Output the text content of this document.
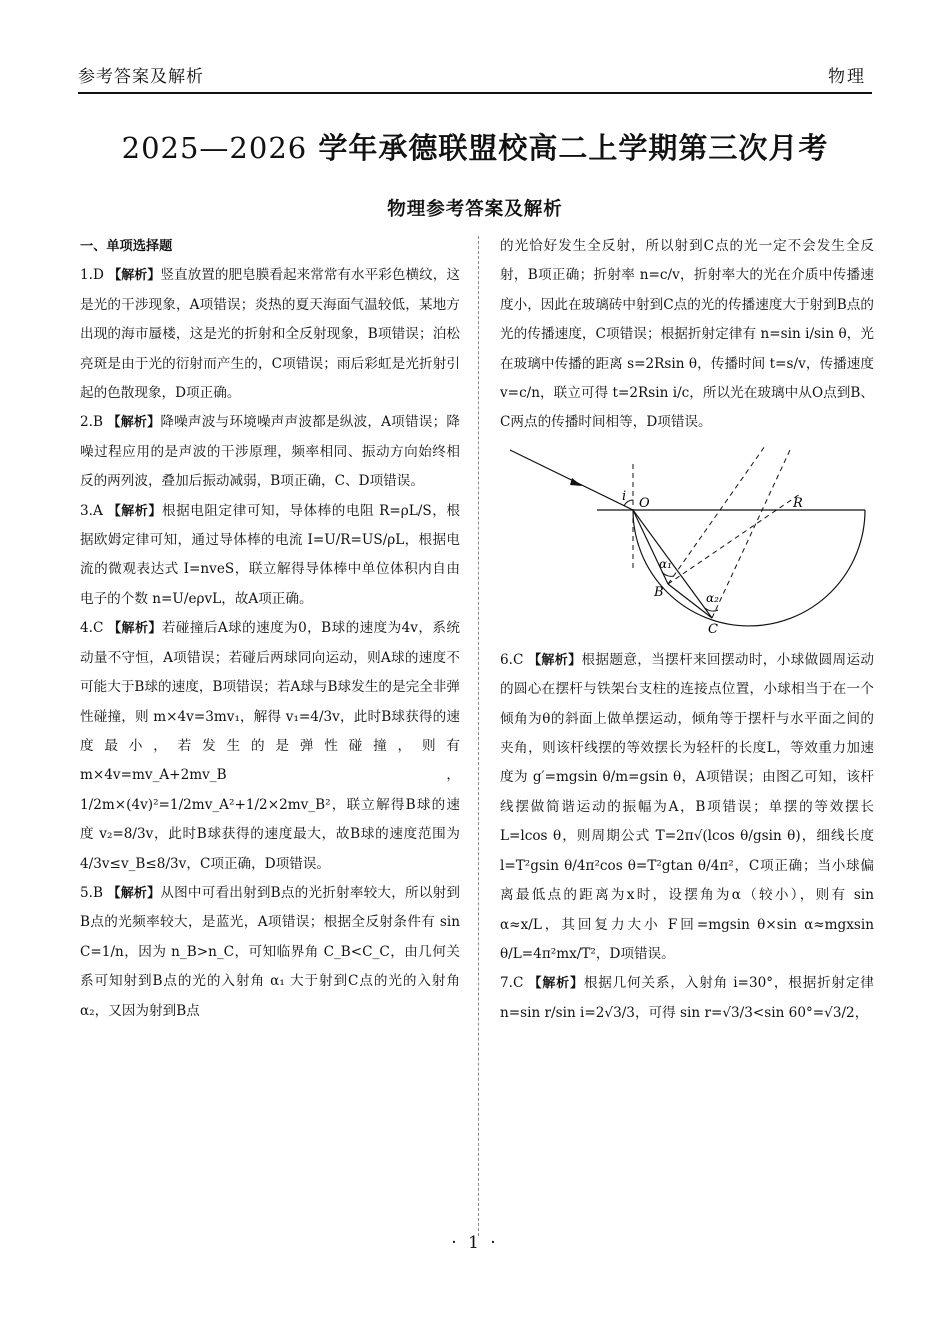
参考答案及解析	物理
2025—2026 学年承德联盟校高二上学期第三次月考
物理参考答案及解析

一、单项选择题

1.D 【解析】竖直放置的肥皂膜看起来常常有水平彩色横纹，这是光的干涉现象，A项错误；炎热的夏天海面气温较低，某地方出现的海市蜃楼，这是光的折射和全反射现象，B项错误；泊松亮斑是由于光的衍射而产生的，C项错误；雨后彩虹是光折射引起的色散现象，D项正确。

2.B 【解析】降噪声波与环境噪声声波都是纵波，A项错误；降噪过程应用的是声波的干涉原理，频率相同、振动方向始终相反的两列波，叠加后振动减弱，B项正确，C、D项错误。

3.A 【解析】根据电阻定律可知，导体棒的电阻 R=ρL/S，根据欧姆定律可知，通过导体棒的电流 I=U/R=US/ρL，根据电流的微观表达式 I=nveS，联立解得导体棒中单位体积内自由电子的个数 n=U/eρvL，故A项正确。

4.C 【解析】若碰撞后A球的速度为0，B球的速度为4v，系统动量不守恒，A项错误；若碰后两球同向运动，则A球的速度不可能大于B球的速度，B项错误；若A球与B球发生的是完全非弹性碰撞，则 m×4v=3mv₁，解得 v₁=4/3v，此时B球获得的速度最小，若发生的是弹性碰撞，则有 m×4v=mv_A+2mv_B，1/2m×(4v)²=1/2mv_A²+1/2×2mv_B²，联立解得B球的速度 v₂=8/3v，此时B球获得的速度最大，故B球的速度范围为 4/3v≤v_B≤8/3v，C项正确，D项错误。

5.B 【解析】从图中可看出射到B点的光折射率较大，所以射到B点的光频率较大，是蓝光，A项错误；根据全反射条件有 sin C=1/n，因为 n_B>n_C，可知临界角 C_B<C_C，由几何关系可知射到B点的光的入射角 α₁ 大于射到C点的光的入射角 α₂，又因为射到B点

的光恰好发生全反射，所以射到C点的光一定不会发生全反射，B项正确；折射率 n=c/v，折射率大的光在介质中传播速度小，因此在玻璃砖中射到C点的光的传播速度大于射到B点的光的传播速度，C项错误；根据折射定律有 n=sin i/sin θ，光在玻璃中传播的距离 s=2Rsin θ，传播时间 t=s/v，传播速度 v=c/n，联立可得 t=2Rsin i/c，所以光在玻璃中从O点到B、C两点的传播时间相等，D项错误。

i O	R
α₁
B	α₂
C

6.C 【解析】根据题意，当摆杆来回摆动时，小球做圆周运动的圆心在摆杆与铁架台支柱的连接点位置，小球相当于在一个倾角为θ的斜面上做单摆运动，倾角等于摆杆与水平面之间的夹角，则该杆线摆的等效摆长为轻杆的长度L，等效重力加速度为 g′=mgsin θ/m=gsin θ，A项错误；由图乙可知，该杆线摆做简谐运动的振幅为A，B项错误；单摆的等效摆长 L=lcos θ，则周期公式 T=2π√(lcos θ/gsin θ)，细线长度 l=T²gsin θ/4π²cos θ=T²gtan θ/4π²，C项正确；当小球偏离最低点的距离为x时，设摆角为α（较小），则有 sin α≈x/L，其回复力大小 F回=mgsin θ×sin α≈mgxsin θ/L=4π²mx/T²，D项错误。

7.C 【解析】根据几何关系，入射角 i=30°，根据折射定律 n=sin r/sin i=2√3/3，可得 sin r=√3/3<sin 60°=√3/2，

· 1 ·
